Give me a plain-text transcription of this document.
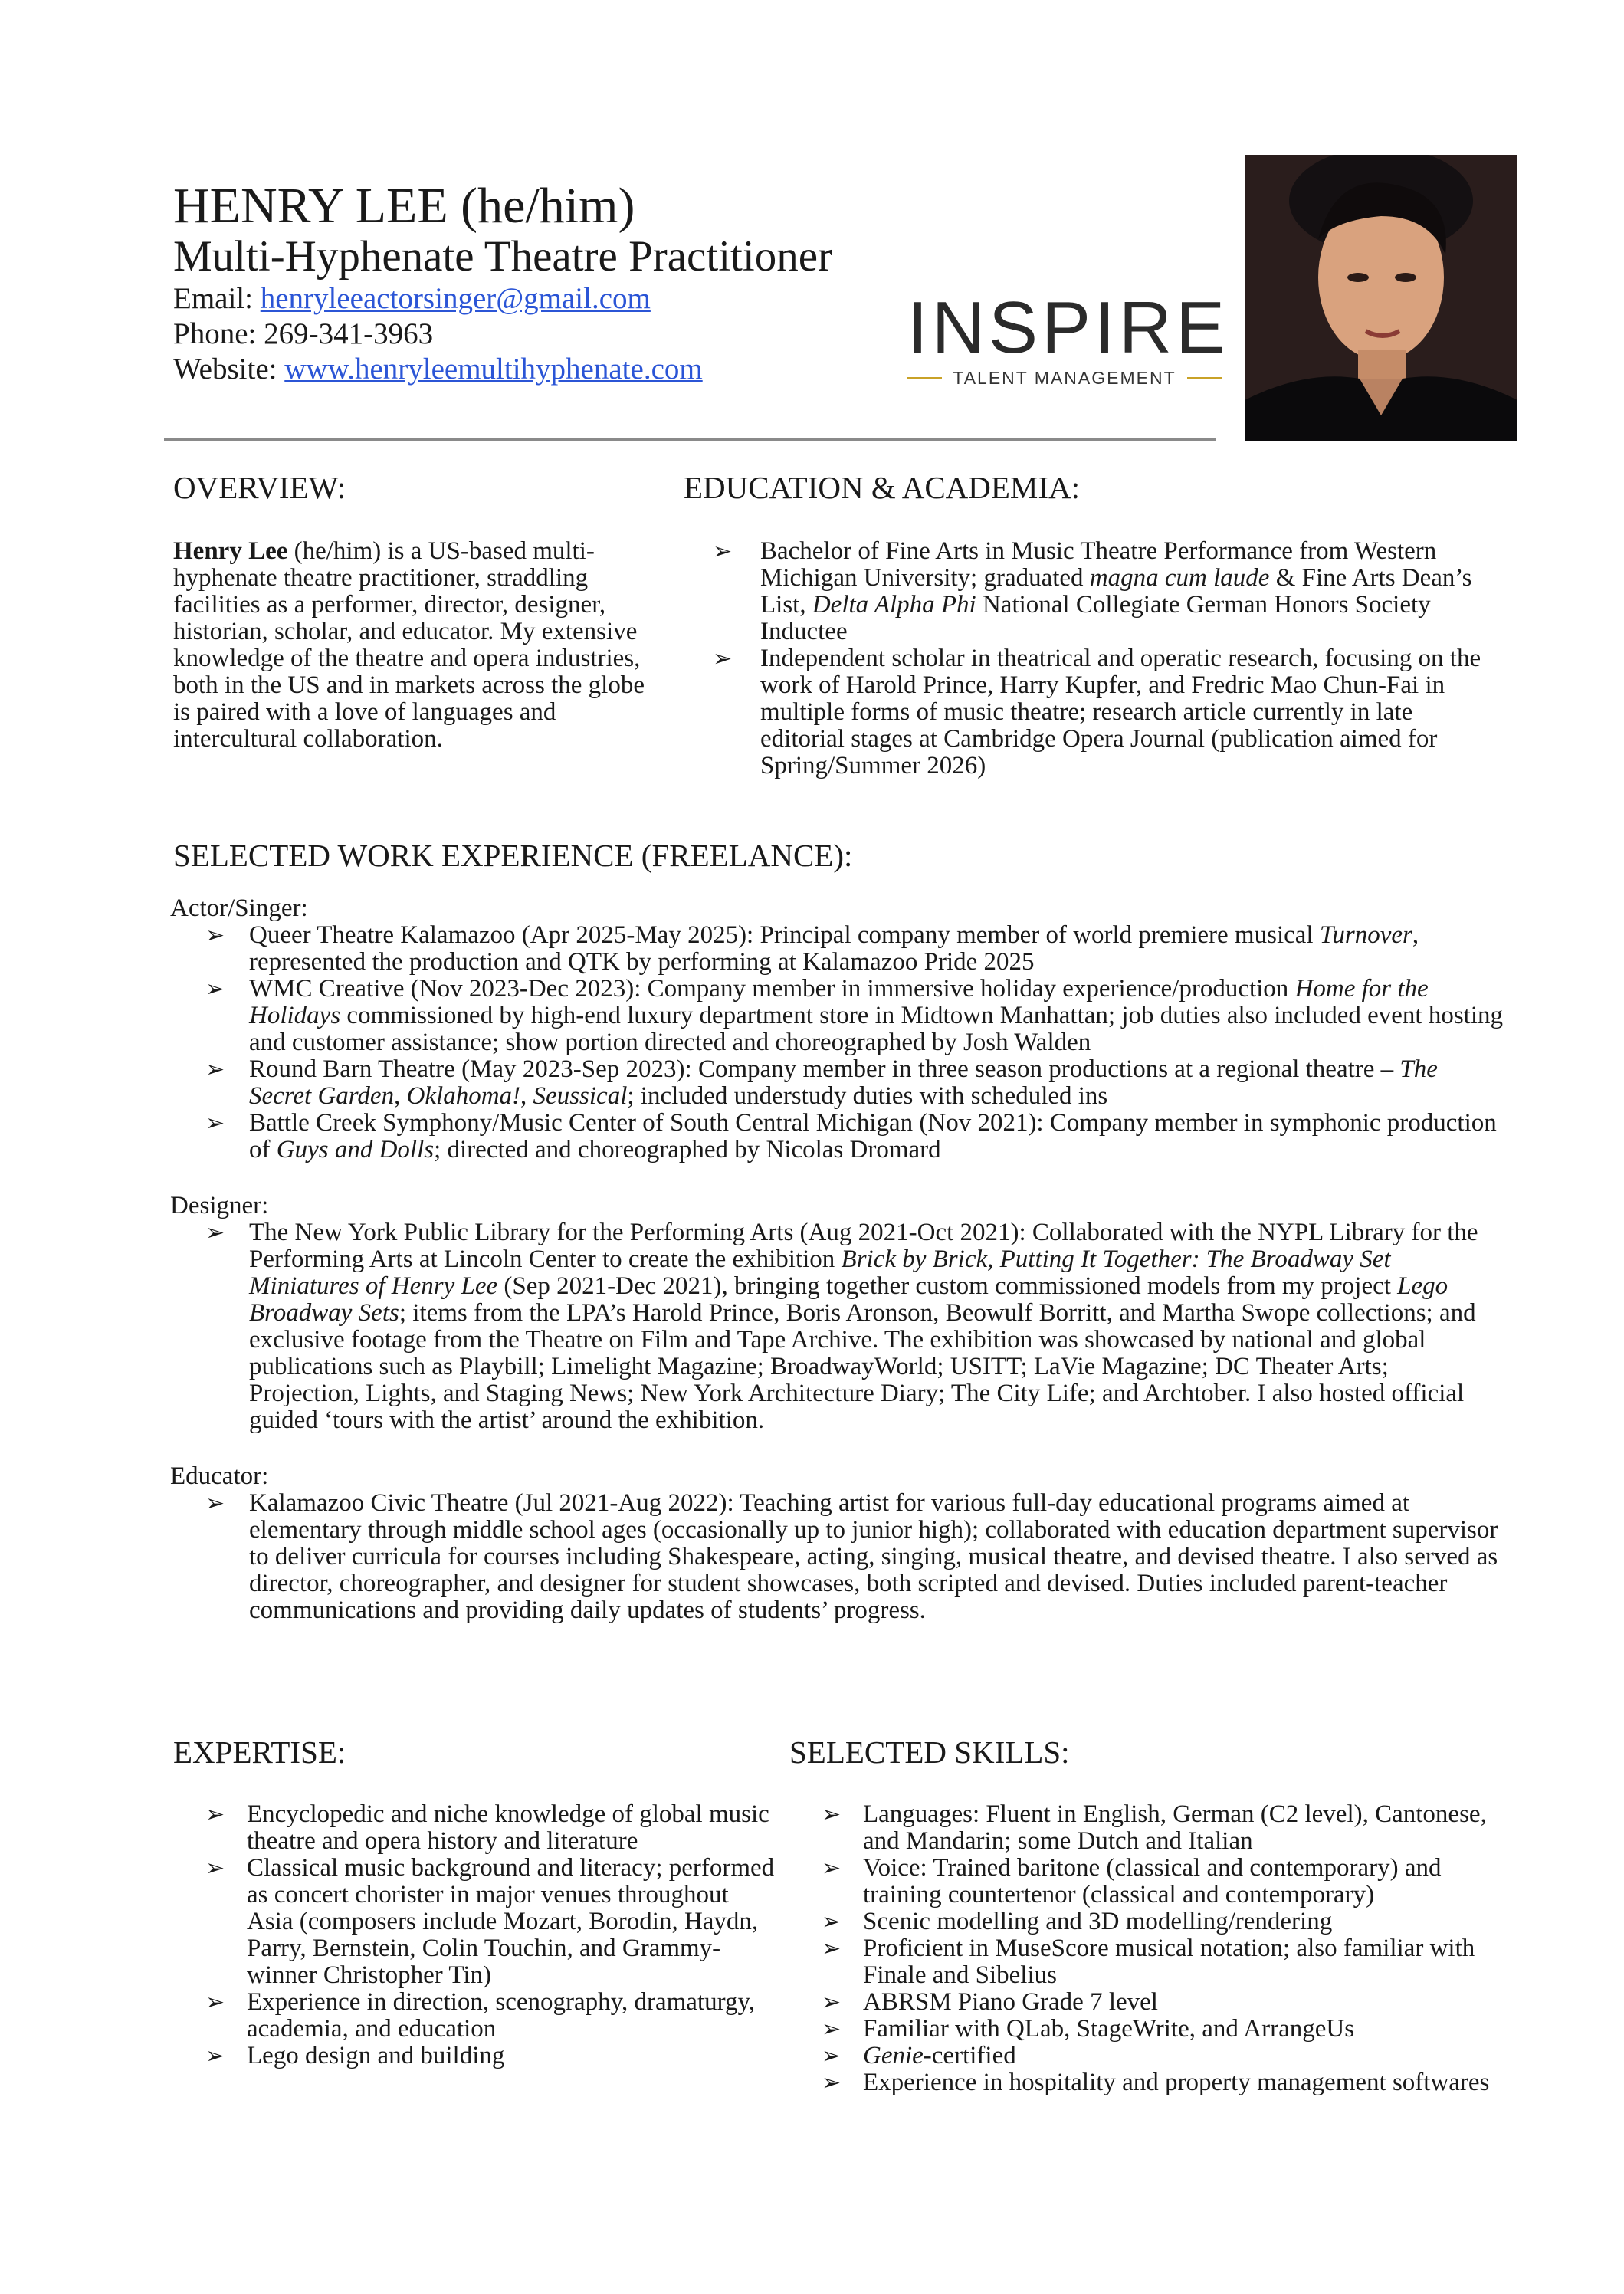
HENRY LEE (he/him)
Multi-Hyphenate Theatre Practitioner
Email: henryleeactorsinger@gmail.com
Phone: 269-341-3963
Website: www.henryleemultihyphenate.com
INSPIRE
TALENT MANAGEMENT
OVERVIEW:
Henry Lee (he/him) is a US-based multi-hyphenate theatre practitioner, straddling facilities as a performer, director, designer, historian, scholar, and educator. My extensive knowledge of the theatre and opera industries, both in the US and in markets across the globe is paired with a love of languages and intercultural collaboration.
EDUCATION & ACADEMIA:
➢ Bachelor of Fine Arts in Music Theatre Performance from Western Michigan University; graduated magna cum laude & Fine Arts Dean’s List, Delta Alpha Phi National Collegiate German Honors Society Inductee
➢ Independent scholar in theatrical and operatic research, focusing on the work of Harold Prince, Harry Kupfer, and Fredric Mao Chun-Fai in multiple forms of music theatre; research article currently in late editorial stages at Cambridge Opera Journal (publication aimed for Spring/Summer 2026)
SELECTED WORK EXPERIENCE (FREELANCE):
Actor/Singer:
➢ Queer Theatre Kalamazoo (Apr 2025-May 2025): Principal company member of world premiere musical Turnover, represented the production and QTK by performing at Kalamazoo Pride 2025
➢ WMC Creative (Nov 2023-Dec 2023): Company member in immersive holiday experience/production Home for the Holidays commissioned by high-end luxury department store in Midtown Manhattan; job duties also included event hosting and customer assistance; show portion directed and choreographed by Josh Walden
➢ Round Barn Theatre (May 2023-Sep 2023): Company member in three season productions at a regional theatre – The Secret Garden, Oklahoma!, Seussical; included understudy duties with scheduled ins
➢ Battle Creek Symphony/Music Center of South Central Michigan (Nov 2021): Company member in symphonic production of Guys and Dolls; directed and choreographed by Nicolas Dromard
Designer:
➢ The New York Public Library for the Performing Arts (Aug 2021-Oct 2021): Collaborated with the NYPL Library for the Performing Arts at Lincoln Center to create the exhibition Brick by Brick, Putting It Together: The Broadway Set Miniatures of Henry Lee (Sep 2021-Dec 2021), bringing together custom commissioned models from my project Lego Broadway Sets; items from the LPA’s Harold Prince, Boris Aronson, Beowulf Borritt, and Martha Swope collections; and exclusive footage from the Theatre on Film and Tape Archive. The exhibition was showcased by national and global publications such as Playbill; Limelight Magazine; BroadwayWorld; USITT; LaVie Magazine; DC Theater Arts; Projection, Lights, and Staging News; New York Architecture Diary; The City Life; and Archtober. I also hosted official guided ‘tours with the artist’ around the exhibition.
Educator:
➢ Kalamazoo Civic Theatre (Jul 2021-Aug 2022): Teaching artist for various full-day educational programs aimed at elementary through middle school ages (occasionally up to junior high); collaborated with education department supervisor to deliver curricula for courses including Shakespeare, acting, singing, musical theatre, and devised theatre. I also served as director, choreographer, and designer for student showcases, both scripted and devised. Duties included parent-teacher communications and providing daily updates of students’ progress.
EXPERTISE:
➢ Encyclopedic and niche knowledge of global music theatre and opera history and literature
➢ Classical music background and literacy; performed as concert chorister in major venues throughout Asia (composers include Mozart, Borodin, Haydn, Parry, Bernstein, Colin Touchin, and Grammy-winner Christopher Tin)
➢ Experience in direction, scenography, dramaturgy, academia, and education
➢ Lego design and building
SELECTED SKILLS:
➢ Languages: Fluent in English, German (C2 level), Cantonese, and Mandarin; some Dutch and Italian
➢ Voice: Trained baritone (classical and contemporary) and training countertenor (classical and contemporary)
➢ Scenic modelling and 3D modelling/rendering
➢ Proficient in MuseScore musical notation; also familiar with Finale and Sibelius
➢ ABRSM Piano Grade 7 level
➢ Familiar with QLab, StageWrite, and ArrangeUs
➢ Genie-certified
➢ Experience in hospitality and property management softwares
